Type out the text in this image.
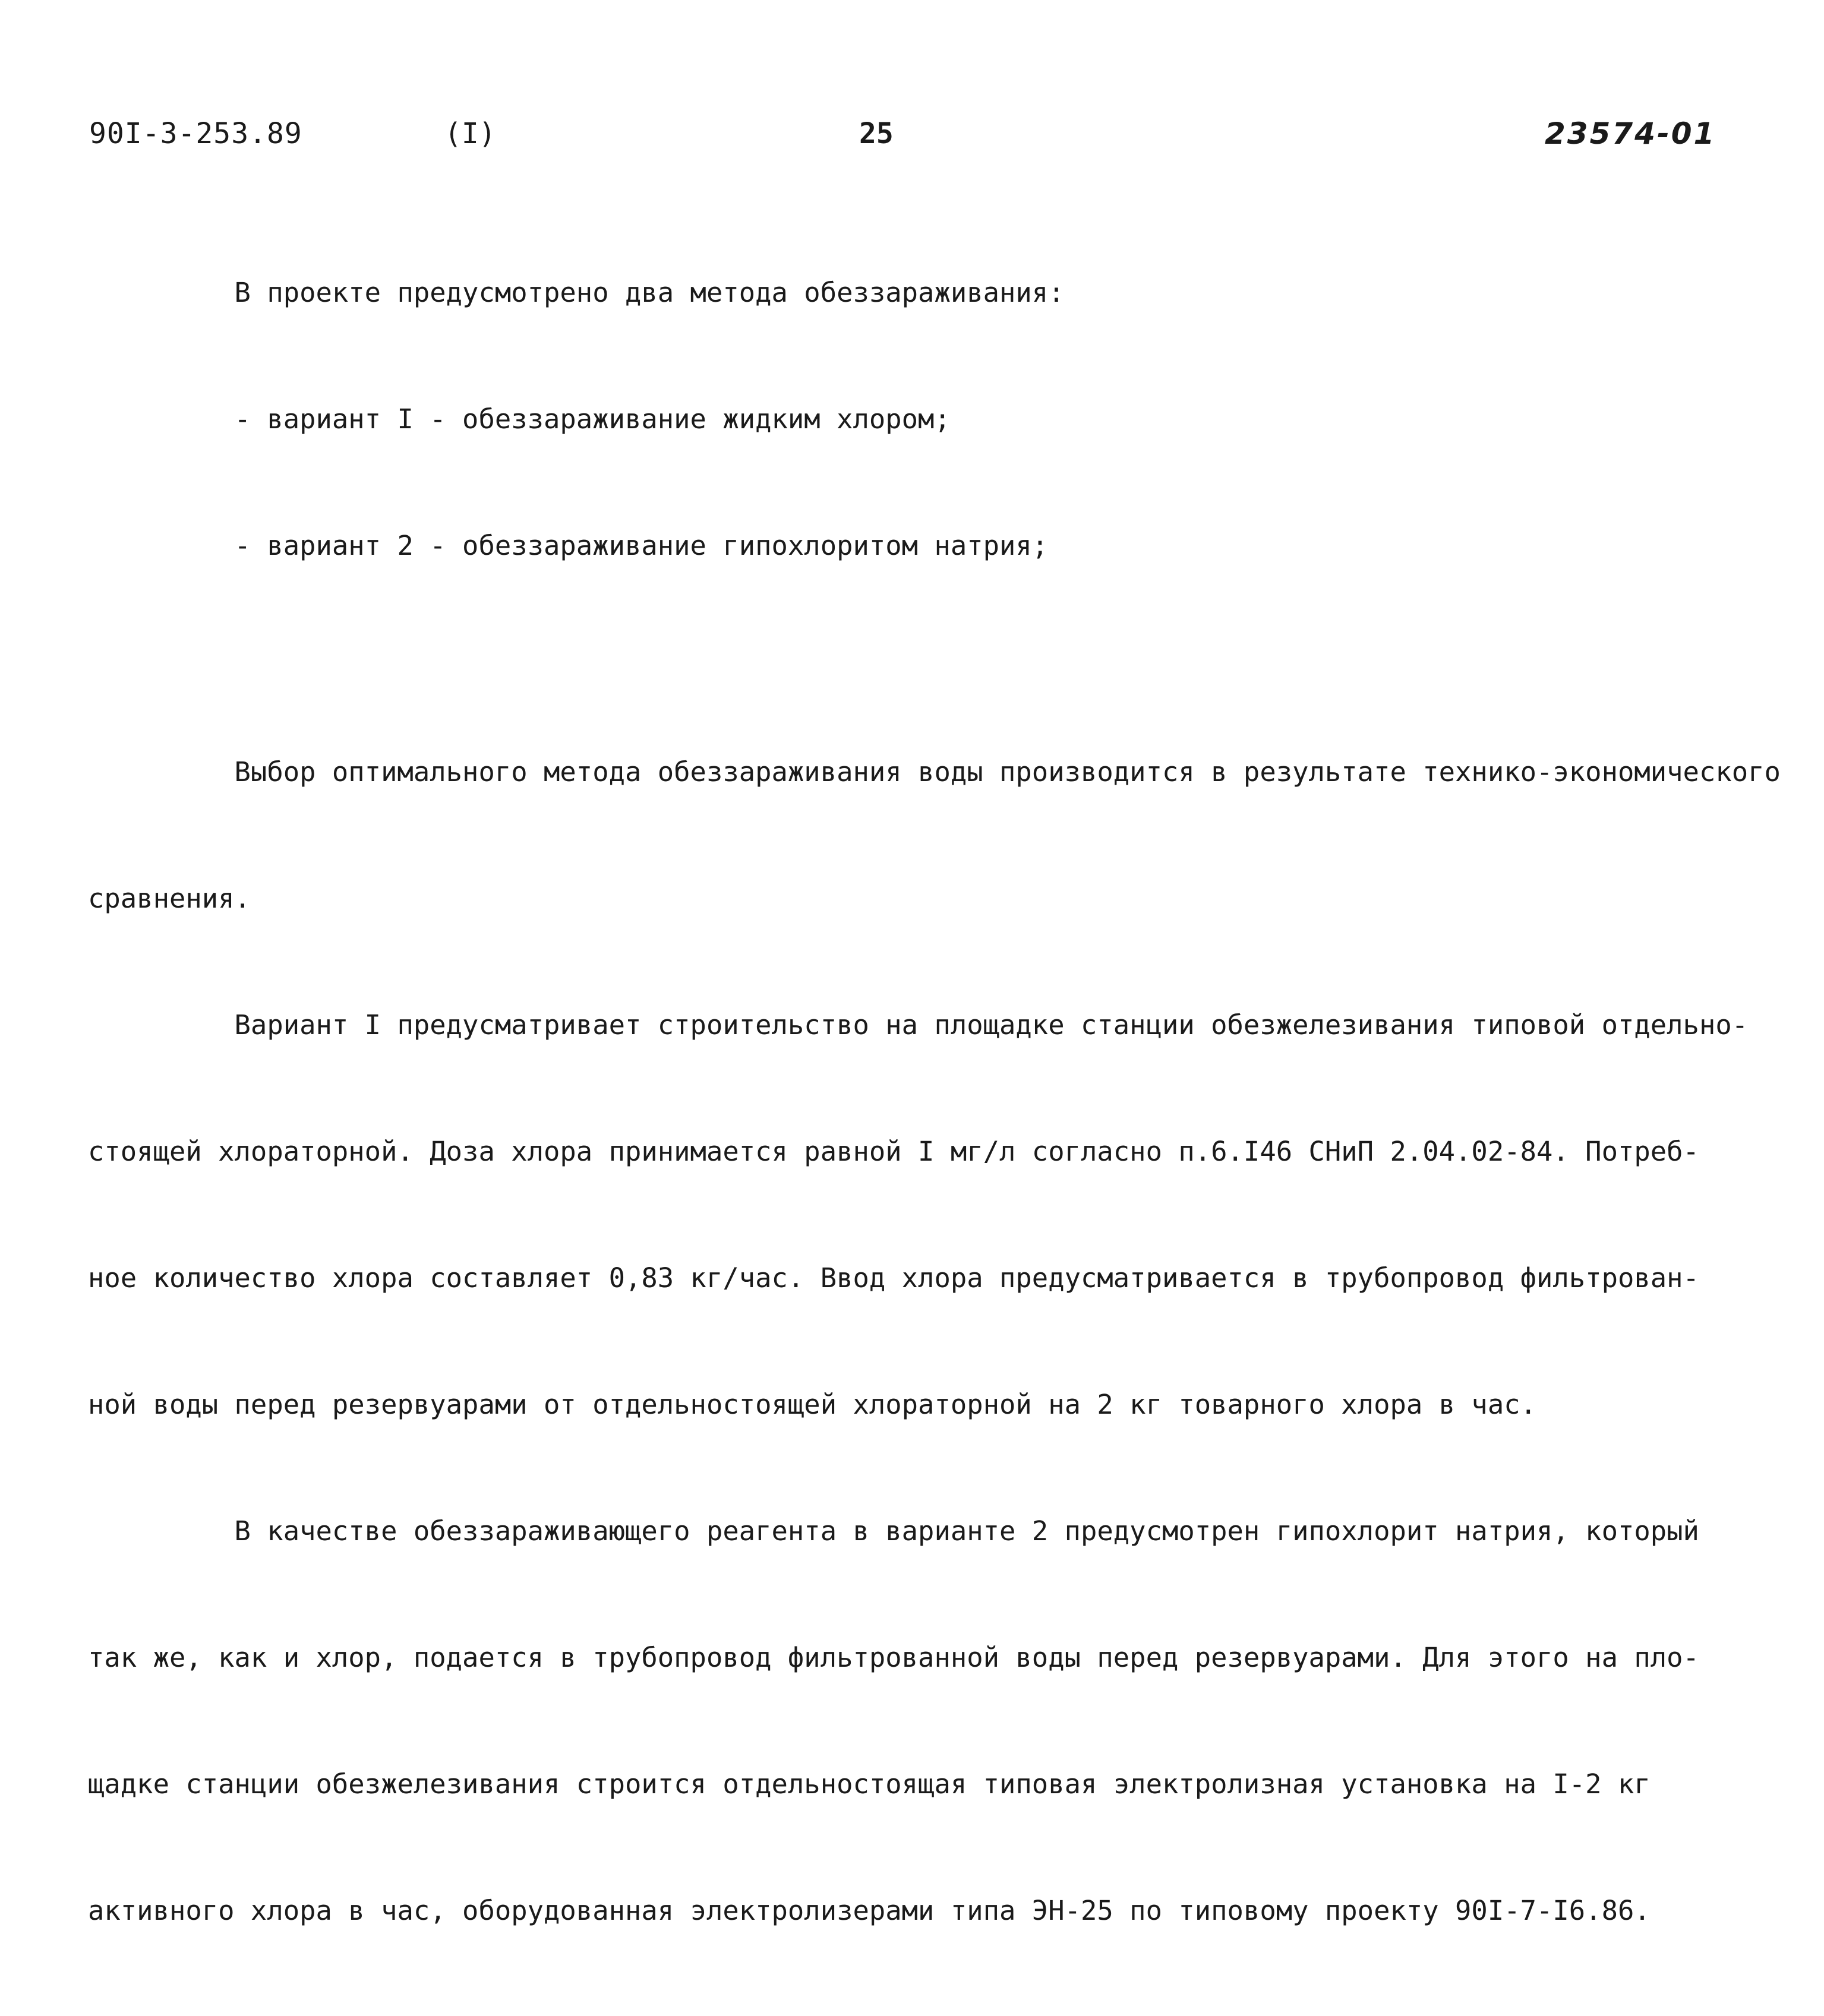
90I-3-253.89	(I)	25	23574-01

В проекте предусмотрено два метода обеззараживания:

- вариант I - обеззараживание жидким хлором;

- вариант 2 - обеззараживание гипохлоритом натрия;

Выбор оптимального метода обеззараживания воды производится в результате технико-экономического

сравнения.

Вариант I предусматривает строительство на площадке станции обезжелезивания типовой отдельно-

стоящей хлораторной. Доза хлора принимается равной I мг/л согласно п.6.I46 СНиП 2.04.02-84. Потреб-

ное количество хлора составляет 0,83 кг/час. Ввод хлора предусматривается в трубопровод фильтрован-

ной воды перед резервуарами от отдельностоящей хлораторной на 2 кг товарного хлора в час.

В качестве обеззараживающего реагента в варианте 2 предусмотрен гипохлорит натрия, который

так же, как и хлор, подается в трубопровод фильтрованной воды перед резервуарами. Для этого на пло-

щадке станции обезжелезивания строится отдельностоящая типовая электролизная установка на I-2 кг

активного хлора в час, оборудованная электролизерами типа ЭН-25 по типовому проекту 90I-7-I6.86.
